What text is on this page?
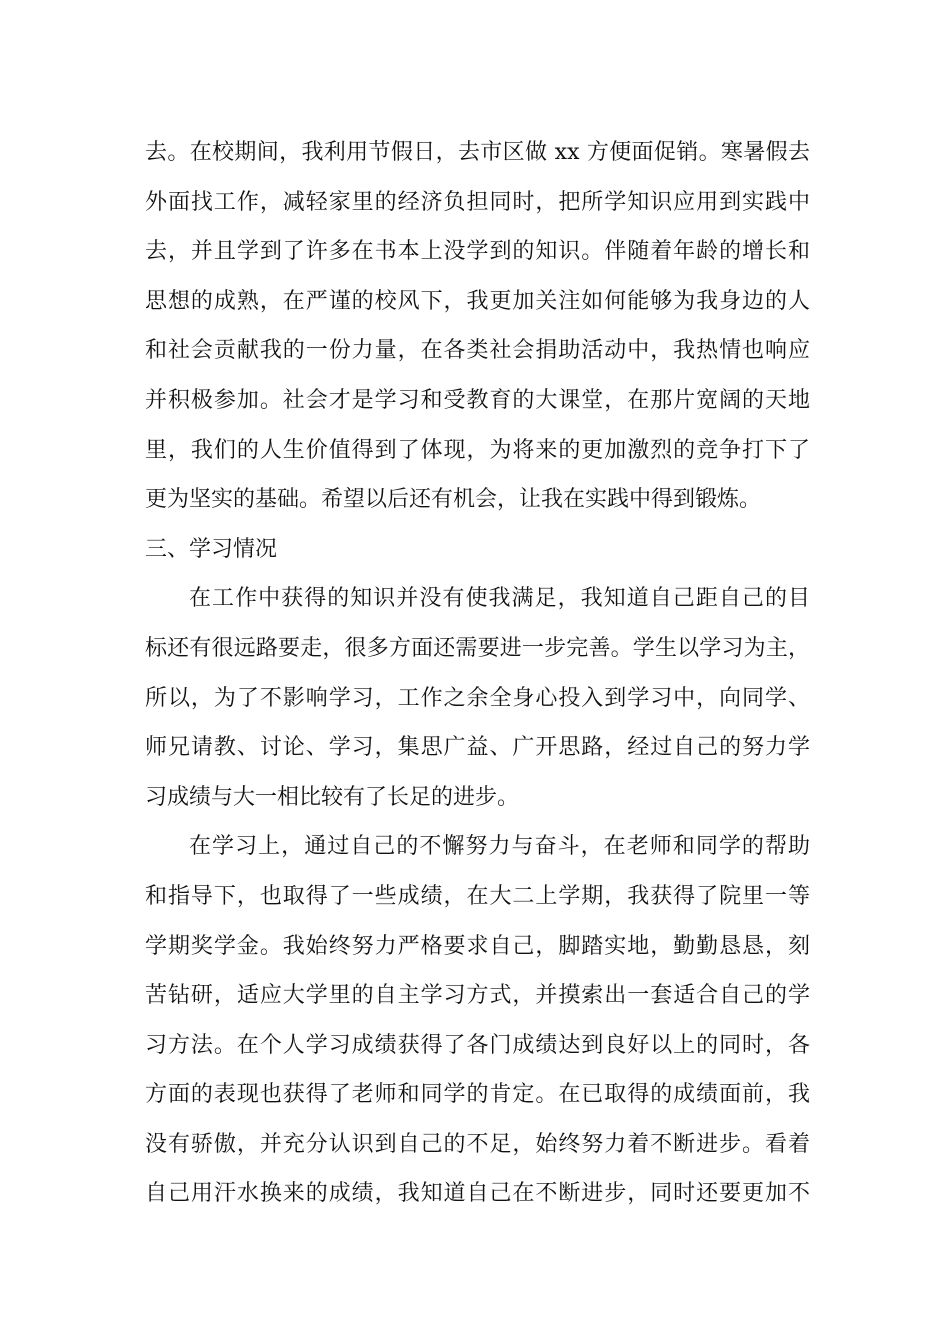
去。在校期间，我利用节假日，去市区做 xx 方便面促销。寒暑假去
外面找工作，减轻家里的经济负担同时，把所学知识应用到实践中
去，并且学到了许多在书本上没学到的知识。伴随着年龄的增长和
思想的成熟，在严谨的校风下，我更加关注如何能够为我身边的人
和社会贡献我的一份力量，在各类社会捐助活动中，我热情也响应
并积极参加。社会才是学习和受教育的大课堂，在那片宽阔的天地
里，我们的人生价值得到了体现，为将来的更加激烈的竞争打下了
更为坚实的基础。希望以后还有机会，让我在实践中得到锻炼。
三、学习情况
在工作中获得的知识并没有使我满足，我知道自己距自己的目
标还有很远路要走，很多方面还需要进一步完善。学生以学习为主，
所以，为了不影响学习，工作之余全身心投入到学习中，向同学、
师兄请教、讨论、学习，集思广益、广开思路，经过自己的努力学
习成绩与大一相比较有了长足的进步。
在学习上，通过自己的不懈努力与奋斗，在老师和同学的帮助
和指导下，也取得了一些成绩，在大二上学期，我获得了院里一等
学期奖学金。我始终努力严格要求自己，脚踏实地，勤勤恳恳，刻
苦钻研，适应大学里的自主学习方式，并摸索出一套适合自己的学
习方法。在个人学习成绩获得了各门成绩达到良好以上的同时，各
方面的表现也获得了老师和同学的肯定。在已取得的成绩面前，我
没有骄傲，并充分认识到自己的不足，始终努力着不断进步。看着
自己用汗水换来的成绩，我知道自己在不断进步，同时还要更加不
